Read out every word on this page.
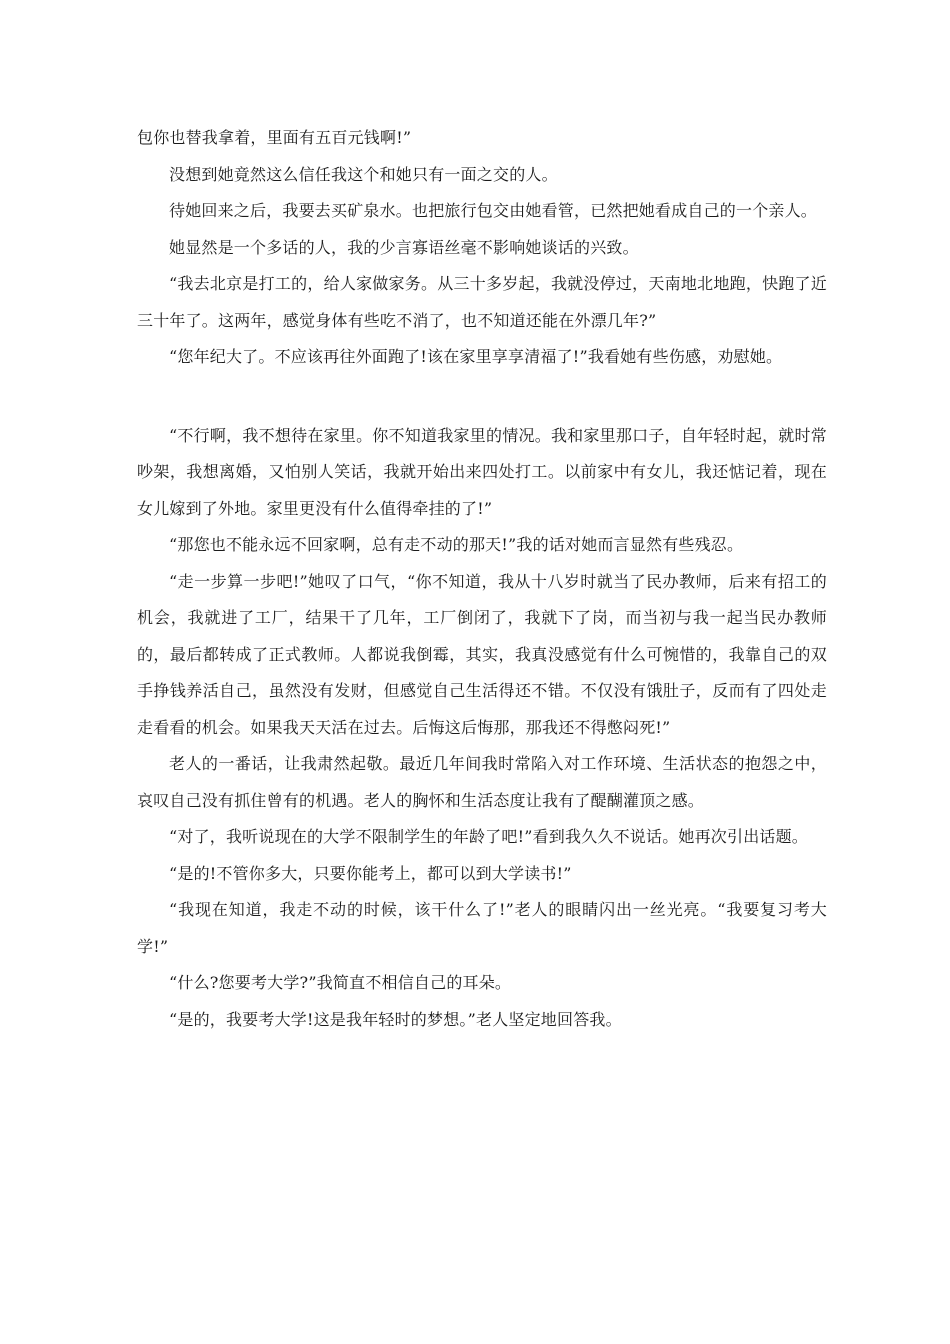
包你也替我拿着，里面有五百元钱啊!”

没想到她竟然这么信任我这个和她只有一面之交的人。

待她回来之后，我要去买矿泉水。也把旅行包交由她看管，已然把她看成自己的一个亲人。

她显然是一个多话的人，我的少言寡语丝毫不影响她谈话的兴致。

“我去北京是打工的，给人家做家务。从三十多岁起，我就没停过，天南地北地跑，快跑了近三十年了。这两年，感觉身体有些吃不消了，也不知道还能在外漂几年?”

“您年纪大了。不应该再往外面跑了!该在家里享享清福了!”我看她有些伤感，劝慰她。

“不行啊，我不想待在家里。你不知道我家里的情况。我和家里那口子，自年轻时起，就时常吵架，我想离婚，又怕别人笑话，我就开始出来四处打工。以前家中有女儿，我还惦记着，现在女儿嫁到了外地。家里更没有什么值得牵挂的了!”

“那您也不能永远不回家啊，总有走不动的那天!”我的话对她而言显然有些残忍。

“走一步算一步吧!”她叹了口气，“你不知道，我从十八岁时就当了民办教师，后来有招工的机会，我就进了工厂，结果干了几年，工厂倒闭了，我就下了岗，而当初与我一起当民办教师的，最后都转成了正式教师。人都说我倒霉，其实，我真没感觉有什么可惋惜的，我靠自己的双手挣钱养活自己，虽然没有发财，但感觉自己生活得还不错。不仅没有饿肚子，反而有了四处走走看看的机会。如果我天天活在过去。后悔这后悔那，那我还不得憋闷死!”

老人的一番话，让我肃然起敬。最近几年间我时常陷入对工作环境、生活状态的抱怨之中，哀叹自己没有抓住曾有的机遇。老人的胸怀和生活态度让我有了醍醐灌顶之感。

“对了，我听说现在的大学不限制学生的年龄了吧!”看到我久久不说话。她再次引出话题。

“是的!不管你多大，只要你能考上，都可以到大学读书!”

“我现在知道，我走不动的时候，该干什么了!”老人的眼睛闪出一丝光亮。“我要复习考大学!”

“什么?您要考大学?”我简直不相信自己的耳朵。

“是的，我要考大学!这是我年轻时的梦想。”老人坚定地回答我。
